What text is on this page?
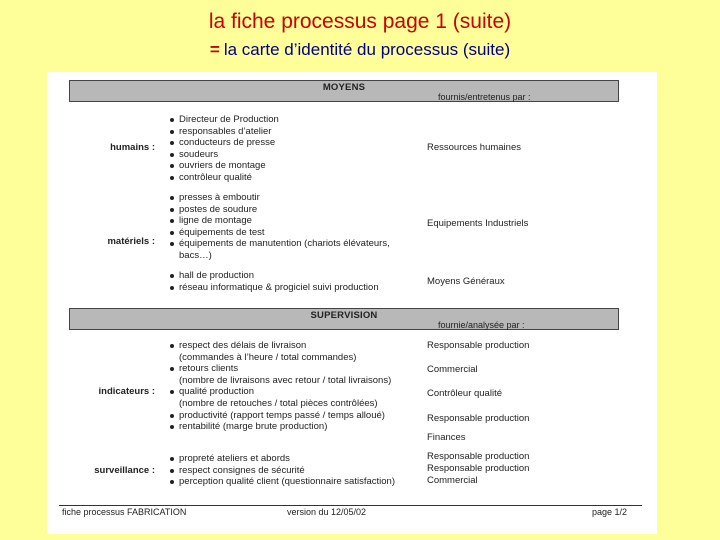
la fiche processus page 1 (suite)
= la carte d’identité du processus (suite)
MOYENS
fournis/entretenus par :
humains :
Directeur de Production
responsables d’atelier
conducteurs de presse
soudeurs
ouvriers de montage
contrôleur qualité
Ressources humaines
matériels :
presses à emboutir
postes de soudure
ligne de montage
équipements de test
équipements de manutention (chariots élévateurs,
bacs…)
Equipements Industriels
hall de production
réseau informatique & progiciel suivi production
Moyens Généraux
SUPERVISION
fournie/analysée par :
indicateurs :
respect des délais de livraison
(commandes à l’heure / total commandes)
retours clients
(nombre de livraisons avec retour / total livraisons)
qualité production
(nombre de retouches / total pièces contrôlées)
productivité (rapport temps passé / temps alloué)
rentabilité (marge brute production)
Responsable production
Commercial
Contrôleur qualité
Responsable production
Finances
surveillance :
propreté ateliers et abords
respect consignes de sécurité
perception qualité client (questionnaire satisfaction)
Responsable production
Responsable production
Commercial
fiche processus FABRICATION	version du 12/05/02	page 1/2
